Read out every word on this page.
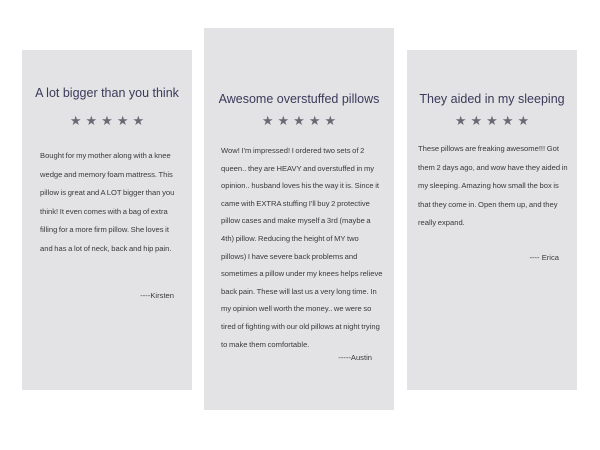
A lot bigger than you think
★★★★★
Bought for my mother along with a knee wedge and memory foam mattress. This pillow is great and A LOT bigger than you think! It even comes with a bag of extra filling for a more firm pillow. She loves it and has a lot of neck, back and hip pain.
----Kirsten
Awesome overstuffed pillows
★★★★★
Wow! I'm impressed! I ordered two sets of 2 queen.. they are HEAVY and overstuffed in my opinion.. husband loves his the way it is. Since it came with EXTRA stuffing I'll buy 2 protective pillow cases and make myself a 3rd (maybe a 4th) pillow. Reducing the height of MY two pillows) I have severe back problems and sometimes a pillow under my knees helps relieve back pain. These will last us a very long time. In my opinion well worth the money.. we were so tired of fighting with our old pillows at night trying to make them comfortable.
-----Austin
They aided in my sleeping
★★★★★
These pillows are freaking awesome!!! Got them 2 days ago, and wow have they aided in my sleeping. Amazing how small the box is that they come in. Open them up, and they really expand.
---- Erica
